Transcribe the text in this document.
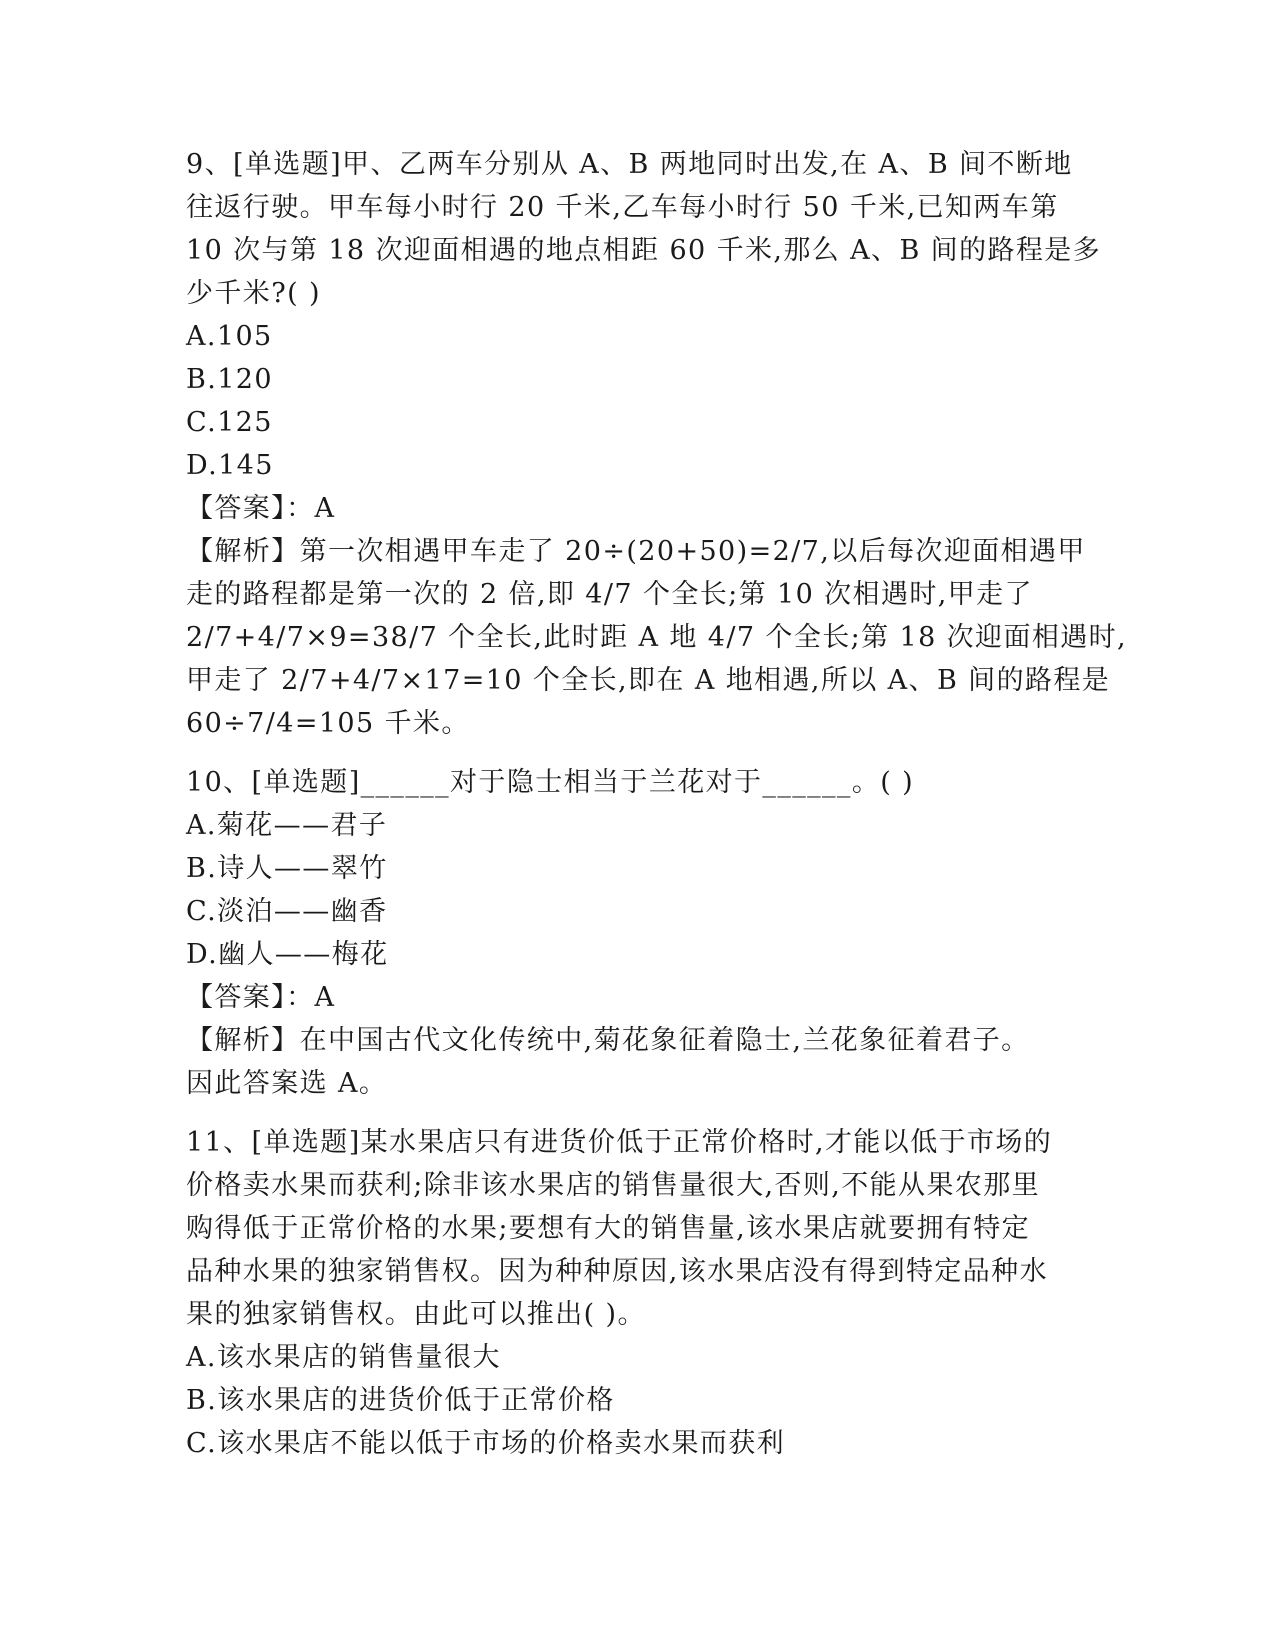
9、[单选题]甲、乙两车分别从 A、B 两地同时出发,在 A、B 间不断地
往返行驶。甲车每小时行 20 千米,乙车每小时行 50 千米,已知两车第
10 次与第 18 次迎面相遇的地点相距 60 千米,那么 A、B 间的路程是多
少千米?( )
A.105
B.120
C.125
D.145
【答案】：A
【解析】第一次相遇甲车走了 20÷(20+50)=2/7,以后每次迎面相遇甲
走的路程都是第一次的 2 倍,即 4/7 个全长;第 10 次相遇时,甲走了
2/7+4/7×9=38/7 个全长,此时距 A 地 4/7 个全长;第 18 次迎面相遇时,
甲走了 2/7+4/7×17=10 个全长,即在 A 地相遇,所以 A、B 间的路程是
60÷7/4=105 千米。
10、[单选题]______对于隐士相当于兰花对于______。( )
A.菊花——君子
B.诗人——翠竹
C.淡泊——幽香
D.幽人——梅花
【答案】：A
【解析】在中国古代文化传统中,菊花象征着隐士,兰花象征着君子。
因此答案选 A。
11、[单选题]某水果店只有进货价低于正常价格时,才能以低于市场的
价格卖水果而获利;除非该水果店的销售量很大,否则,不能从果农那里
购得低于正常价格的水果;要想有大的销售量,该水果店就要拥有特定
品种水果的独家销售权。因为种种原因,该水果店没有得到特定品种水
果的独家销售权。由此可以推出( )。
A.该水果店的销售量很大
B.该水果店的进货价低于正常价格
C.该水果店不能以低于市场的价格卖水果而获利
